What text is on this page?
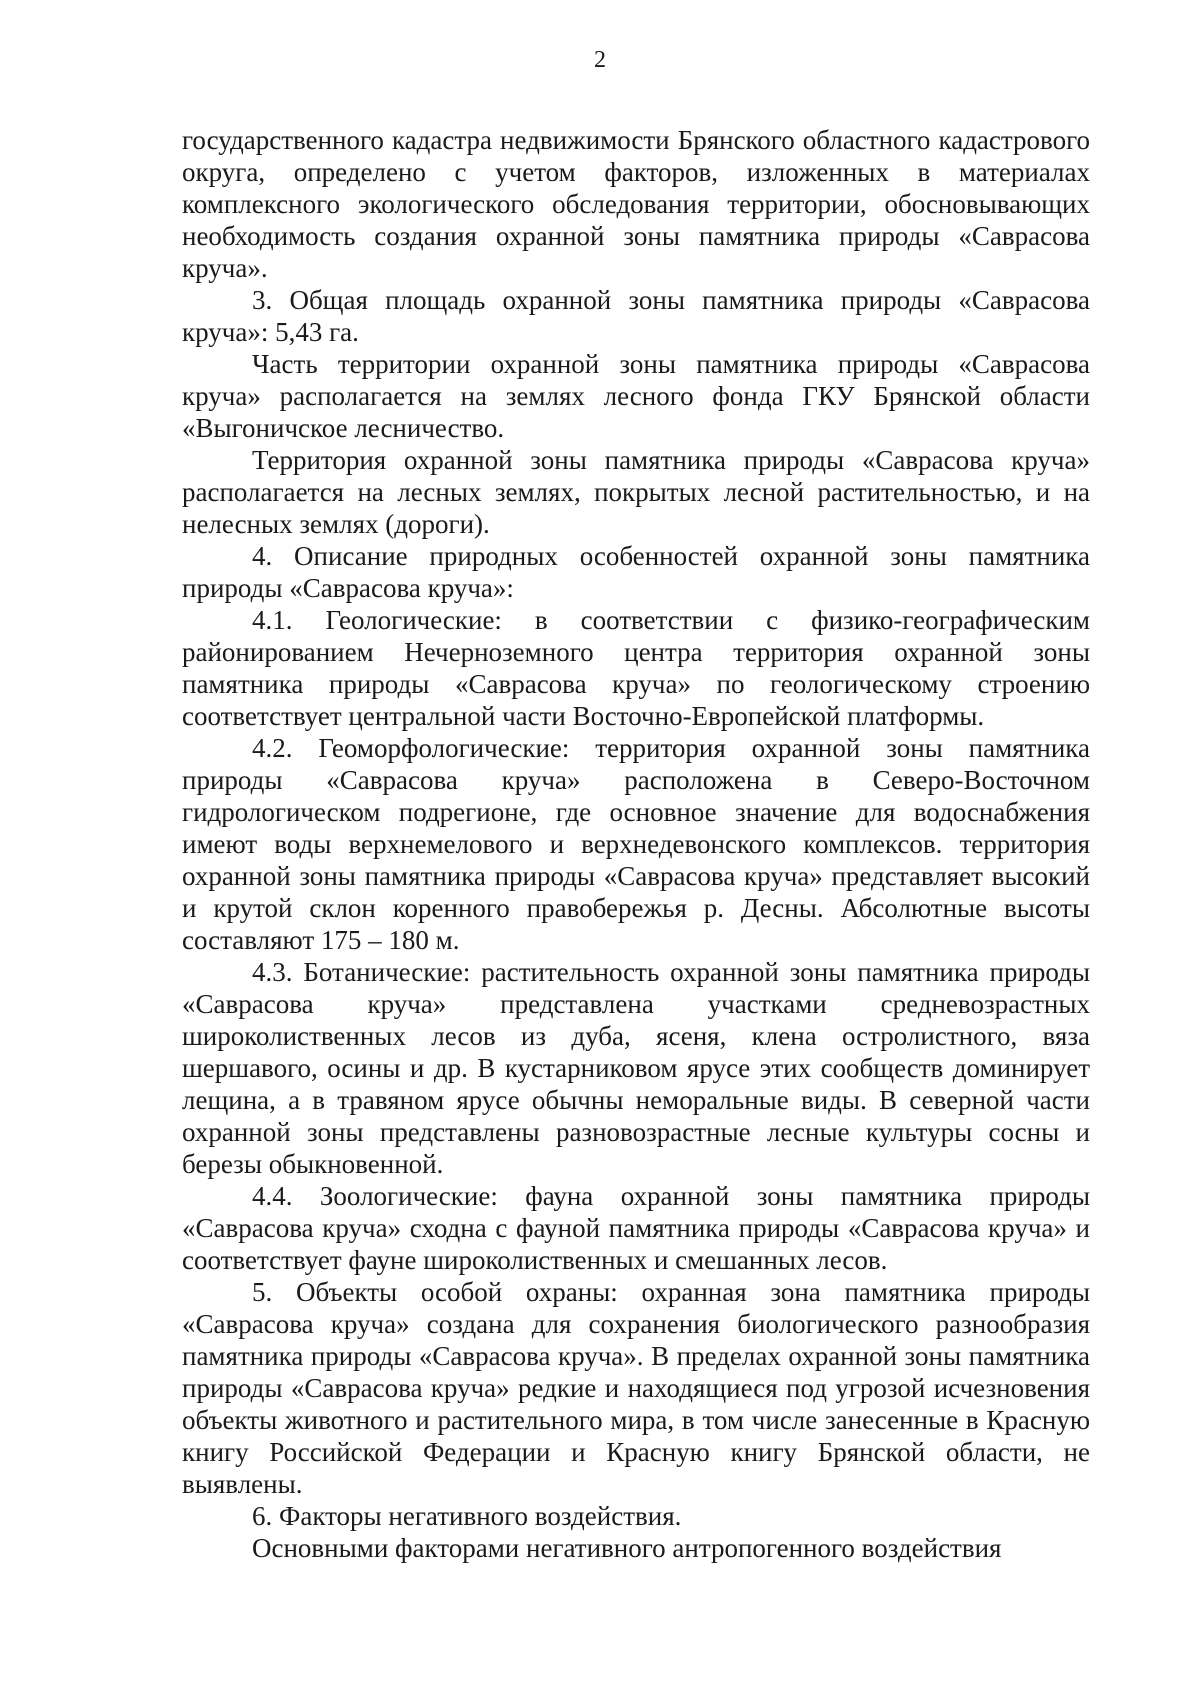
2

государственного кадастра недвижимости Брянского областного кадастрового округа, определено с учетом факторов, изложенных в материалах комплексного экологического обследования территории, обосновывающих необходимость создания охранной зоны памятника природы «Саврасова круча».

3. Общая площадь охранной зоны памятника природы «Саврасова круча»: 5,43 га.

Часть территории охранной зоны памятника природы «Саврасова круча» располагается на землях лесного фонда ГКУ Брянской области «Выгоничское лесничество.

Территория охранной зоны памятника природы «Саврасова круча» располагается на лесных землях, покрытых лесной растительностью, и на нелесных землях (дороги).

4. Описание природных особенностей охранной зоны памятника природы «Саврасова круча»:

4.1. Геологические: в соответствии с физико-географическим районированием Нечерноземного центра территория охранной зоны памятника природы «Саврасова круча» по геологическому строению соответствует центральной части Восточно-Европейской платформы.

4.2. Геоморфологические: территория охранной зоны памятника природы «Саврасова круча» расположена в Северо-Восточном гидрологическом подрегионе, где основное значение для водоснабжения имеют воды верхнемелового и верхнедевонского комплексов. территория охранной зоны памятника природы «Саврасова круча» представляет высокий и крутой склон коренного правобережья р. Десны. Абсолютные высоты составляют 175 – 180 м.

4.3. Ботанические: растительность охранной зоны памятника природы «Саврасова круча» представлена участками средневозрастных широколиственных лесов из дуба, ясеня, клена остролистного, вяза шершавого, осины и др. В кустарниковом ярусе этих сообществ доминирует лещина, а в травяном ярусе обычны неморальные виды. В северной части охранной зоны представлены разновозрастные лесные культуры сосны и березы обыкновенной.

4.4. Зоологические: фауна охранной зоны памятника природы «Саврасова круча» сходна с фауной памятника природы «Саврасова круча» и соответствует фауне широколиственных и смешанных лесов.

5. Объекты особой охраны: охранная зона памятника природы «Саврасова круча» создана для сохранения биологического разнообразия памятника природы «Саврасова круча». В пределах охранной зоны памятника природы «Саврасова круча» редкие и находящиеся под угрозой исчезновения объекты животного и растительного мира, в том числе занесенные в Красную книгу Российской Федерации и Красную книгу Брянской области, не выявлены.

6. Факторы негативного воздействия.

Основными факторами негативного антропогенного воздействия
